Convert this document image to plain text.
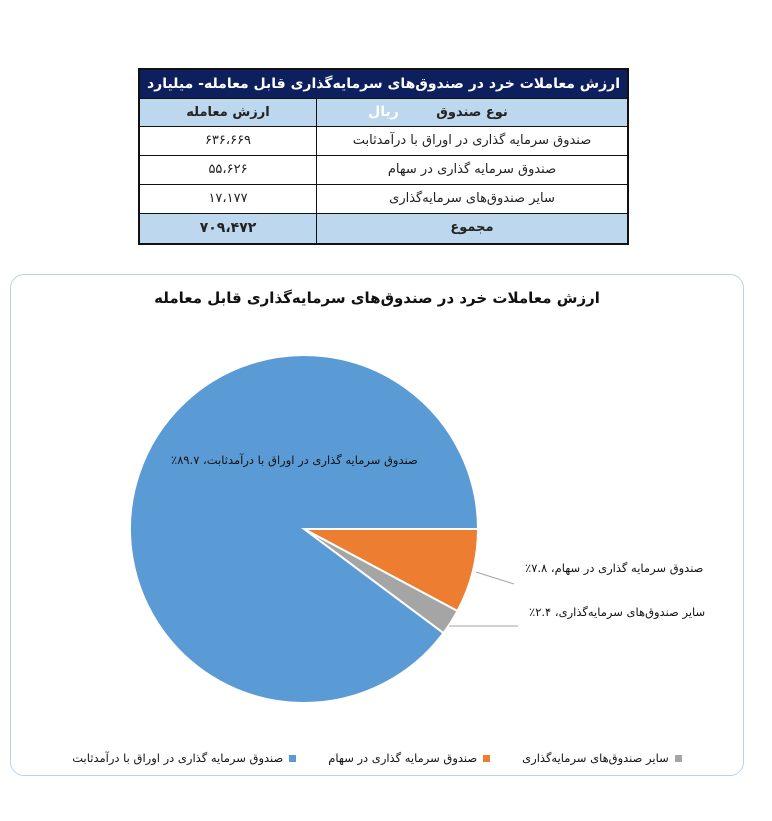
ارزش معاملات خرد در صندوق‌های سرمایه‌گذاری قابل معامله- میلیارد ریال	نوع صندوق
ارزش معامله
صندوق سرمایه گذاری در اوراق با درآمدثابت
۶۳۶،۶۶۹
صندوق سرمایه گذاری در سهام
۵۵،۶۲۶
سایر صندوق‌های سرمایه‌گذاری
۱۷،۱۷۷
مجموع
۷۰۹،۴۷۲
ارزش معاملات خرد در صندوق‌های سرمایه‌گذاری قابل معامله
صندوق سرمایه گذاری در اوراق با درآمدثابت، ۸۹.۷٪
صندوق سرمایه گذاری در سهام، ۷.۸٪
سایر صندوق‌های سرمایه‌گذاری، ۲.۴٪
سایر صندوق‌های سرمایه‌گذاری
صندوق سرمایه گذاری در سهام
صندوق سرمایه گذاری در اوراق با درآمدثابت
